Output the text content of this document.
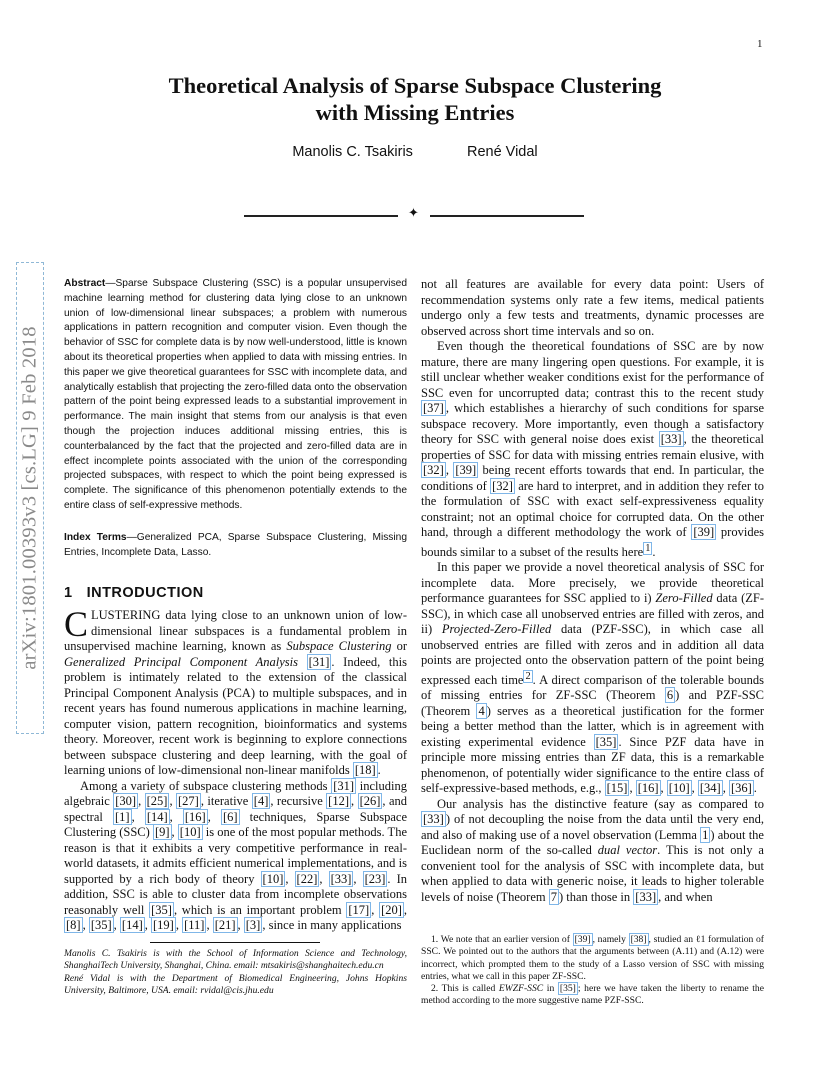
1
arXiv:1801.00393v3 [cs.LG] 9 Feb 2018
Theoretical Analysis of Sparse Subspace Clustering
with Missing Entries
Manolis C. Tsakiris	René Vidal
✦
Abstract—Sparse Subspace Clustering (SSC) is a popular unsupervised machine learning method for clustering data lying close to an unknown union of low-dimensional linear subspaces; a problem with numerous applications in pattern recognition and computer vision. Even though the behavior of SSC for complete data is by now well-understood, little is known about its theoretical properties when applied to data with missing entries. In this paper we give theoretical guarantees for SSC with incomplete data, and analytically establish that projecting the zero-filled data onto the observation pattern of the point being expressed leads to a substantial improvement in performance. The main insight that stems from our analysis is that even though the projection induces additional missing entries, this is counterbalanced by the fact that the projected and zero-filled data are in effect incomplete points associated with the union of the corresponding projected subspaces, with respect to which the point being expressed is complete. The significance of this phenomenon potentially extends to the entire class of self-expressive methods.
Index Terms—Generalized PCA, Sparse Subspace Clustering, Missing Entries, Incomplete Data, Lasso.
1 INTRODUCTION

CLUSTERING data lying close to an unknown union of low-dimensional linear subspaces is a fundamental problem in unsupervised machine learning, known as Subspace Clustering or Generalized Principal Component Analysis [31] . Indeed, this problem is intimately related to the extension of the classical Principal Component Analysis (PCA) to multiple subspaces, and in recent years has found numerous applications in machine learning, computer vision, pattern recognition, bioinformatics and systems theory. Moreover, recent work is beginning to explore connections between subspace clustering and deep learning, with the goal of learning unions of low-dimensional non-linear manifolds [18] .

Among a variety of subspace clustering methods [31] including algebraic [30] , [25] , [27] , iterative [4] , recursive [12] , [26] , and spectral [1] , [14] , [16] , [6] techniques, Sparse Subspace Clustering (SSC) [9] , [10] is one of the most popular methods. The reason is that it exhibits a very competitive performance in real-world datasets, it admits efficient numerical implementations, and is supported by a rich body of theory [10] , [22] , [33] , [23] . In addition, SSC is able to cluster data from incomplete observations reasonably well [35] , which is an important problem [17] , [20] , [8] , [35] , [14] , [19] , [11] , [21] , [3] , since in many applications

Manolis C. Tsakiris is with the School of Information Science and Technology, ShanghaiTech University, Shanghai, China. email: mtsakiris@shanghaitech.edu.cn

René Vidal is with the Department of Biomedical Engineering, Johns Hopkins University, Baltimore, USA. email: rvidal@cis.jhu.edu

not all features are available for every data point: Users of recommendation systems only rate a few items, medical patients undergo only a few tests and treatments, dynamic processes are observed across short time intervals and so on.

Even though the theoretical foundations of SSC are by now mature, there are many lingering open questions. For example, it is still unclear whether weaker conditions exist for the performance of SSC even for uncorrupted data; contrast this to the recent study [37] , which establishes a hierarchy of such conditions for sparse subspace recovery. More importantly, even though a satisfactory theory for SSC with general noise does exist [33] , the theoretical properties of SSC for data with missing entries remain elusive, with [32] , [39] being recent efforts towards that end. In particular, the conditions of [32] are hard to interpret, and in addition they refer to the formulation of SSC with exact self-expressiveness equality constraint; not an optimal choice for corrupted data. On the other hand, through a different methodology the work of [39] provides bounds similar to a subset of the results here $^1$ .

In this paper we provide a novel theoretical analysis of SSC for incomplete data. More precisely, we provide theoretical performance guarantees for SSC applied to i) Zero-Filled data (ZF-SSC), in which case all unobserved entries are filled with zeros, and ii) Projected-Zero-Filled data (PZF-SSC), in which case all unobserved entries are filled with zeros and in addition all data points are projected onto the observation pattern of the point being expressed each time $^2$ . A direct comparison of the tolerable bounds of missing entries for ZF-SSC (Theorem 6 ) and PZF-SSC (Theorem 4 ) serves as a theoretical justification for the former being a better method than the latter, which is in agreement with existing experimental evidence [35] . Since PZF data have in principle more missing entries than ZF data, this is a remarkable phenomenon, of potentially wider significance to the entire class of self-expressive-based methods, e.g., [15] , [16] , [10] , [34] , [36] .

Our analysis has the distinctive feature (say as compared to [33] ) of not decoupling the noise from the data until the very end, and also of making use of a novel observation (Lemma 1 ) about the Euclidean norm of the so-called dual vector. This is not only a convenient tool for the analysis of SSC with incomplete data, but when applied to data with generic noise, it leads to higher tolerable levels of noise (Theorem 7 ) than those in [33] , and when

1. We note that an earlier version of [39] , namely [38] , studied an ℓ1 formulation of SSC. We pointed out to the authors that the arguments between (A.11) and (A.12) were incorrect, which prompted them to the study of a Lasso version of SSC with missing entries, what we call in this paper ZF-SSC.

2. This is called EWZF-SSC in [35] ; here we have taken the liberty to rename the method according to the more suggestive name PZF-SSC.
